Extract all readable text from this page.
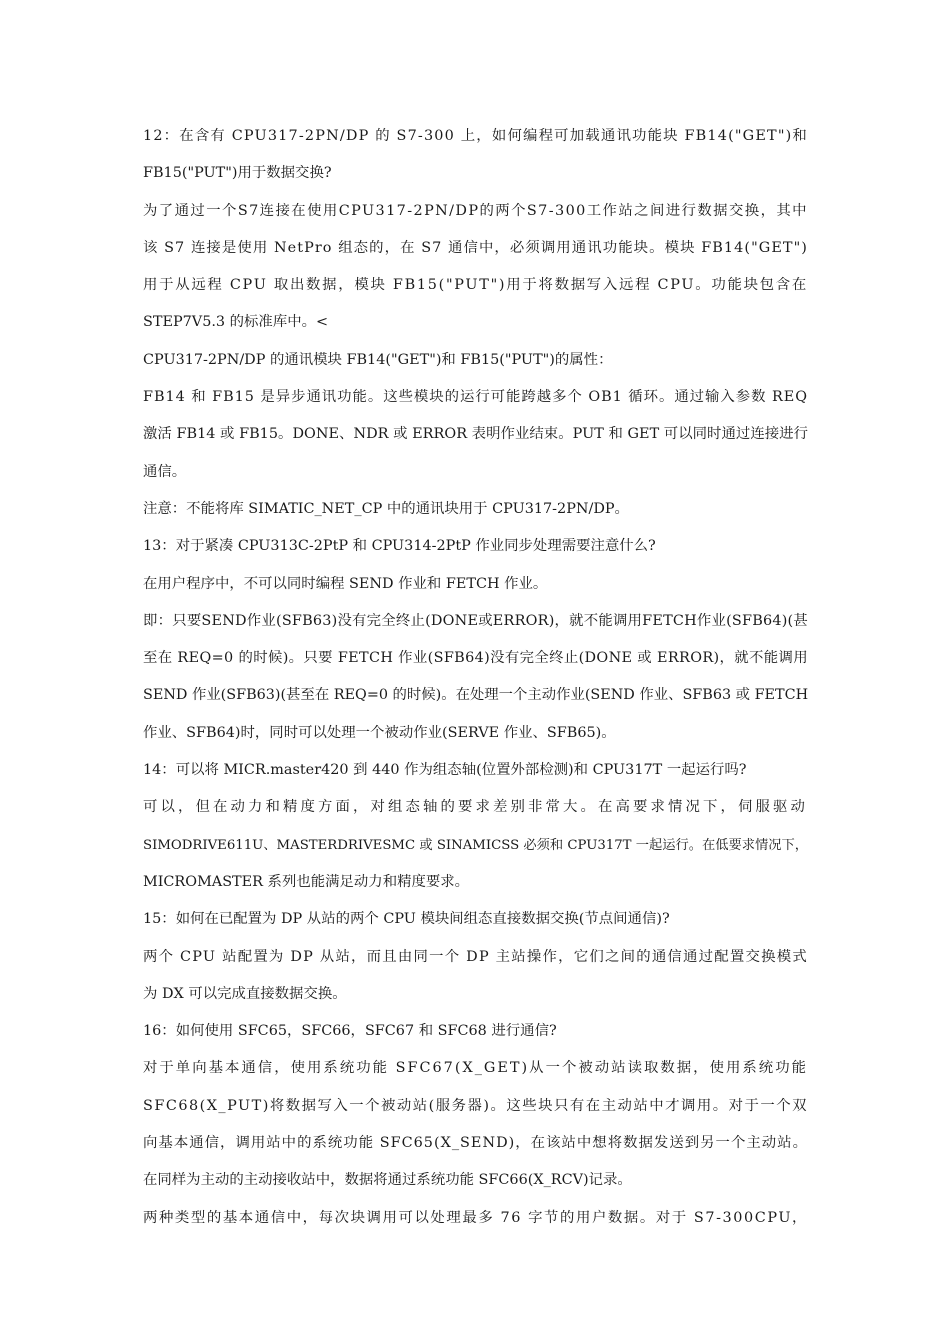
12：在含有 CPU317-2PN/DP 的 S7-300 上，如何编程可加载通讯功能块 FB14("GET")和
FB15("PUT")用于数据交换?
为了通过一个S7连接在使用CPU317-2PN/DP的两个S7-300工作站之间进行数据交换，其中
该 S7 连接是使用 NetPro 组态的，在 S7 通信中，必须调用通讯功能块。模块 FB14("GET")
用于从远程 CPU 取出数据，模块 FB15("PUT")用于将数据写入远程 CPU。功能块包含在
STEP7V5.3 的标准库中。<
CPU317-2PN/DP 的通讯模块 FB14("GET")和 FB15("PUT")的属性：
FB14 和 FB15 是异步通讯功能。这些模块的运行可能跨越多个 OB1 循环。通过输入参数 REQ
激活 FB14 或 FB15。DONE、NDR 或 ERROR 表明作业结束。PUT 和 GET 可以同时通过连接进行
通信。
注意：不能将库 SIMATIC_NET_CP 中的通讯块用于 CPU317-2PN/DP。
13：对于紧凑 CPU313C-2PtP 和 CPU314-2PtP 作业同步处理需要注意什么?
在用户程序中，不可以同时编程 SEND 作业和 FETCH 作业。
即：只要SEND作业(SFB63)没有完全终止(DONE或ERROR)，就不能调用FETCH作业(SFB64)(甚
至在 REQ=0 的时候)。只要 FETCH 作业(SFB64)没有完全终止(DONE 或 ERROR)，就不能调用
SEND 作业(SFB63)(甚至在 REQ=0 的时候)。在处理一个主动作业(SEND 作业、SFB63 或 FETCH
作业、SFB64)时，同时可以处理一个被动作业(SERVE 作业、SFB65)。
14：可以将 MICR.master420 到 440 作为组态轴(位置外部检测)和 CPU317T 一起运行吗?
可以，但在动力和精度方面，对组态轴的要求差别非常大。在高要求情况下，伺服驱动
SIMODRIVE611U、MASTERDRIVESMC 或 SINAMICSS 必须和 CPU317T 一起运行。在低要求情况下，
MICROMASTER 系列也能满足动力和精度要求。
15：如何在已配置为 DP 从站的两个 CPU 模块间组态直接数据交换(节点间通信)?
两个 CPU 站配置为 DP 从站，而且由同一个 DP 主站操作，它们之间的通信通过配置交换模式
为 DX 可以完成直接数据交换。
16：如何使用 SFC65，SFC66，SFC67 和 SFC68 进行通信?
对于单向基本通信，使用系统功能 SFC67(X_GET)从一个被动站读取数据，使用系统功能
SFC68(X_PUT)将数据写入一个被动站(服务器)。这些块只有在主动站中才调用。对于一个双
向基本通信，调用站中的系统功能 SFC65(X_SEND)，在该站中想将数据发送到另一个主动站。
在同样为主动的主动接收站中，数据将通过系统功能 SFC66(X_RCV)记录。
两种类型的基本通信中，每次块调用可以处理最多 76 字节的用户数据。对于 S7-300CPU，
